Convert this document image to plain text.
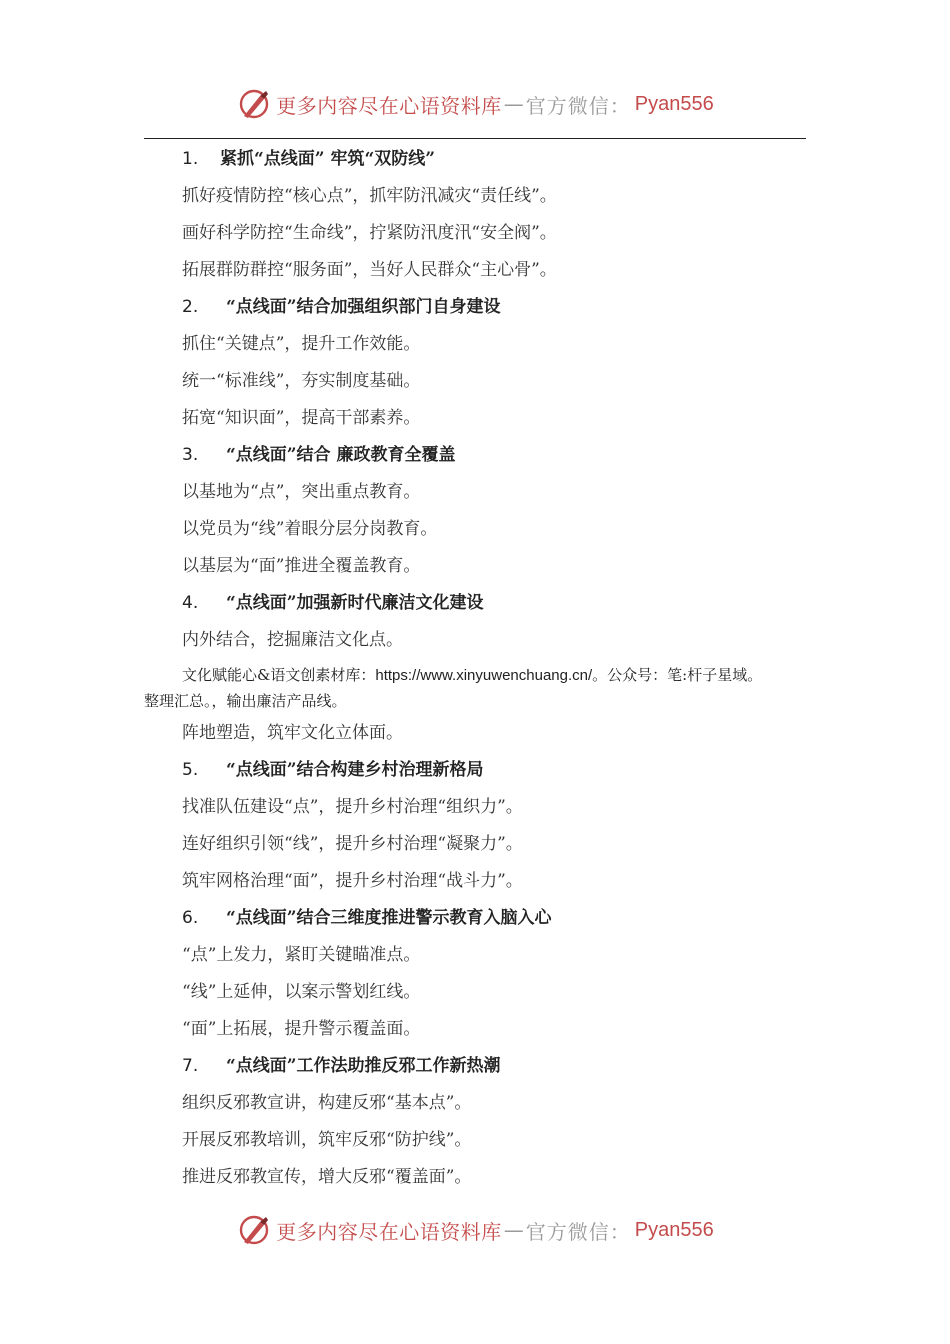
更多内容尽在心语资料库 — 官方微信： Pyan556
1. 紧抓“点线面” 牢筑“双防线”
抓好疫情防控“核心点”，抓牢防汛减灾“责任线”。
画好科学防控“生命线”，拧紧防汛度汛“安全阀”。
拓展群防群控“服务面”，当好人民群众“主心骨”。
2. “点线面”结合加强组织部门自身建设
抓住“关键点”，提升工作效能。
统一“标准线”，夯实制度基础。
拓宽“知识面”，提高干部素养。
3. “点线面”结合 廉政教育全覆盖
以基地为“点”，突出重点教育。
以党员为“线”着眼分层分岗教育。
以基层为“面”推进全覆盖教育。
4. “点线面”加强新时代廉洁文化建设
内外结合，挖掘廉洁文化点。
文化赋能心&语文创素材库：https://www.xinyuwenchuang.cn/。公众号：笔:杆子星域。
整理汇总。，输出廉洁产品线。
阵地塑造，筑牢文化立体面。
5. “点线面”结合构建乡村治理新格局
找准队伍建设“点”，提升乡村治理“组织力”。
连好组织引领“线”，提升乡村治理“凝聚力”。
筑牢网格治理“面”，提升乡村治理“战斗力”。
6. “点线面”结合三维度推进警示教育入脑入心
“点”上发力，紧盯关键瞄准点。
“线”上延伸，以案示警划红线。
“面”上拓展，提升警示覆盖面。
7. “点线面”工作法助推反邪工作新热潮
组织反邪教宣讲，构建反邪“基本点”。
开展反邪教培训，筑牢反邪“防护线”。
推进反邪教宣传，增大反邪“覆盖面”。
更多内容尽在心语资料库 — 官方微信： Pyan556
